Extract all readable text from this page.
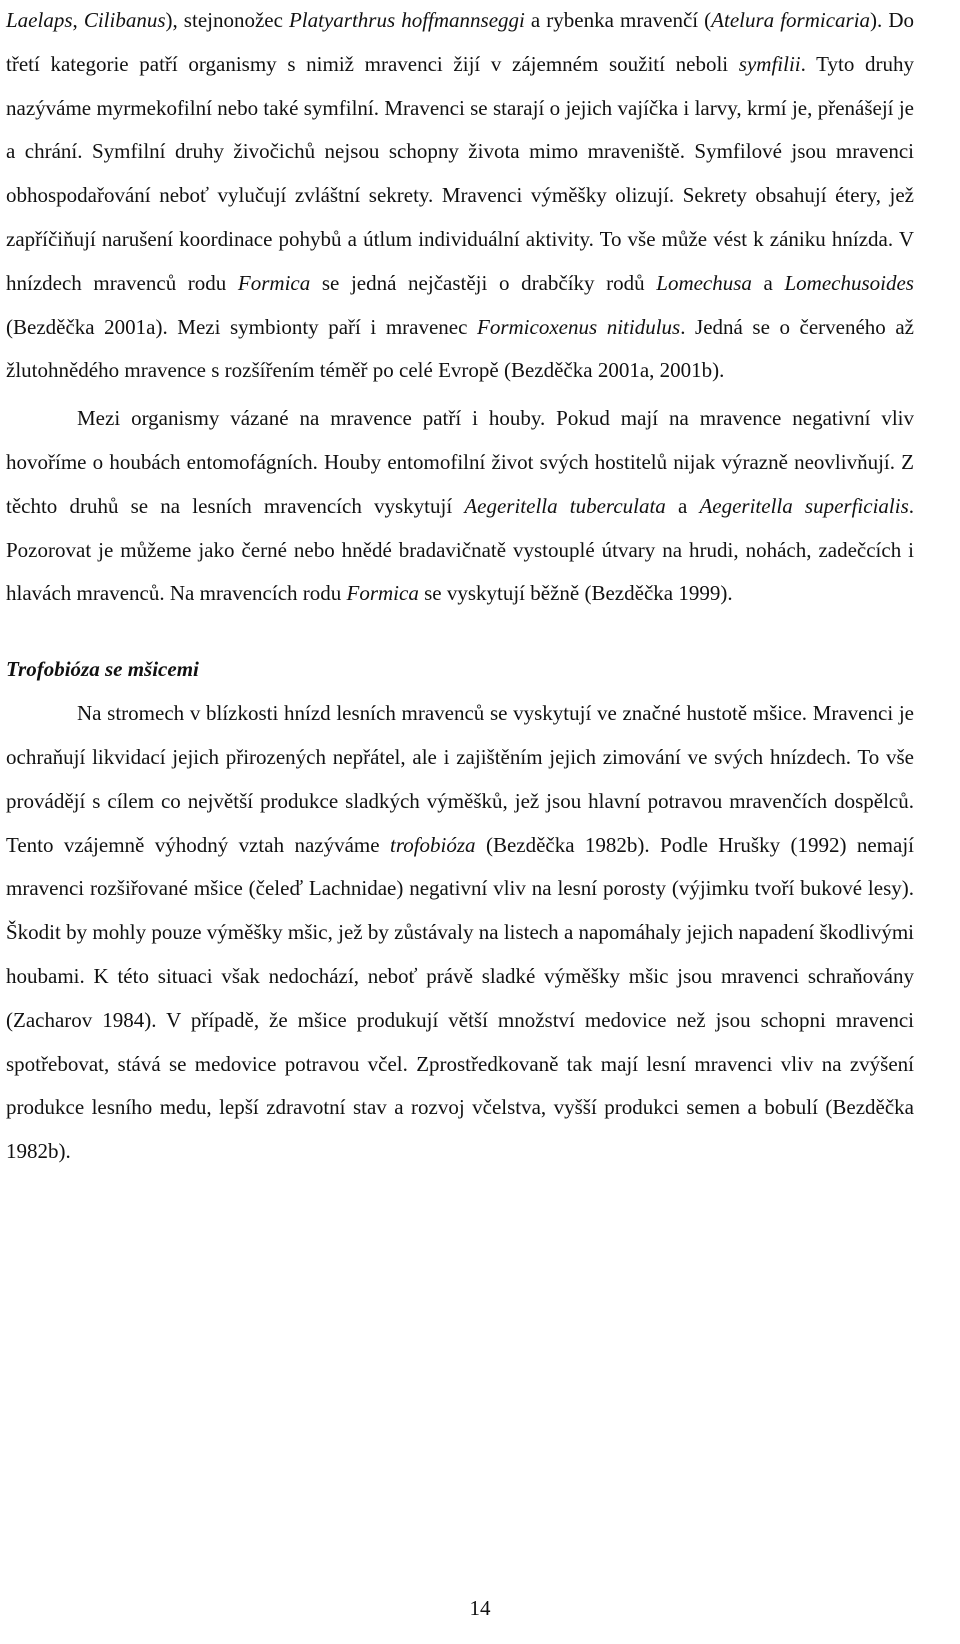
Laelaps, Cilibanus), stejnonožec Platyarthrus hoffmannseggi a rybenka mravenčí (Atelura formicaria). Do třetí kategorie patří organismy s nimiž mravenci žijí v zájemném soužití neboli symfilii. Tyto druhy nazýváme myrmekofilní nebo také symfilní. Mravenci se starají o jejich vajíčka i larvy, krmí je, přenášejí je a chrání. Symfilní druhy živočichů nejsou schopny života mimo mraveniště. Symfilové jsou mravenci obhospodařování neboť vylučují zvláštní sekrety. Mravenci výměšky olizují. Sekrety obsahují étery, jež zapříčiňují narušení koordinace pohybů a útlum individuální aktivity. To vše může vést k zániku hnízda. V hnízdech mravenců rodu Formica se jedná nejčastěji o drabčíky rodů Lomechusa a Lomechusoides (Bezděčka 2001a). Mezi symbionty paří i mravenec Formicoxenus nitidulus. Jedná se o červeného až žlutohnědého mravence s rozšířením téměř po celé Evropě (Bezděčka 2001a, 2001b).

Mezi organismy vázané na mravence patří i houby. Pokud mají na mravence negativní vliv hovoříme o houbách entomofágních. Houby entomofilní život svých hostitelů nijak výrazně neovlivňují. Z těchto druhů se na lesních mravencích vyskytují Aegeritella tuberculata a Aegeritella superficialis. Pozorovat je můžeme jako černé nebo hnědé bradavičnatě vystouplé útvary na hrudi, nohách, zadečcích i hlavách mravenců. Na mravencích rodu Formica se vyskytují běžně (Bezděčka 1999).

Trofobióza se mšicemi

Na stromech v blízkosti hnízd lesních mravenců se vyskytují ve značné hustotě mšice. Mravenci je ochraňují likvidací jejich přirozených nepřátel, ale i zajištěním jejich zimování ve svých hnízdech. To vše provádějí s cílem co největší produkce sladkých výměšků, jež jsou hlavní potravou mravenčích dospělců. Tento vzájemně výhodný vztah nazýváme trofobióza (Bezděčka 1982b). Podle Hrušky (1992) nemají mravenci rozšiřované mšice (čeleď Lachnidae) negativní vliv na lesní porosty (výjimku tvoří bukové lesy). Škodit by mohly pouze výměšky mšic, jež by zůstávaly na listech a napomáhaly jejich napadení škodlivými houbami. K této situaci však nedochází, neboť právě sladké výměšky mšic jsou mravenci schraňovány (Zacharov 1984). V případě, že mšice produkují větší množství medovice než jsou schopni mravenci spotřebovat, stává se medovice potravou včel. Zprostředkovaně tak mají lesní mravenci vliv na zvýšení produkce lesního medu, lepší zdravotní stav a rozvoj včelstva, vyšší produkci semen a bobulí (Bezděčka 1982b).

14
